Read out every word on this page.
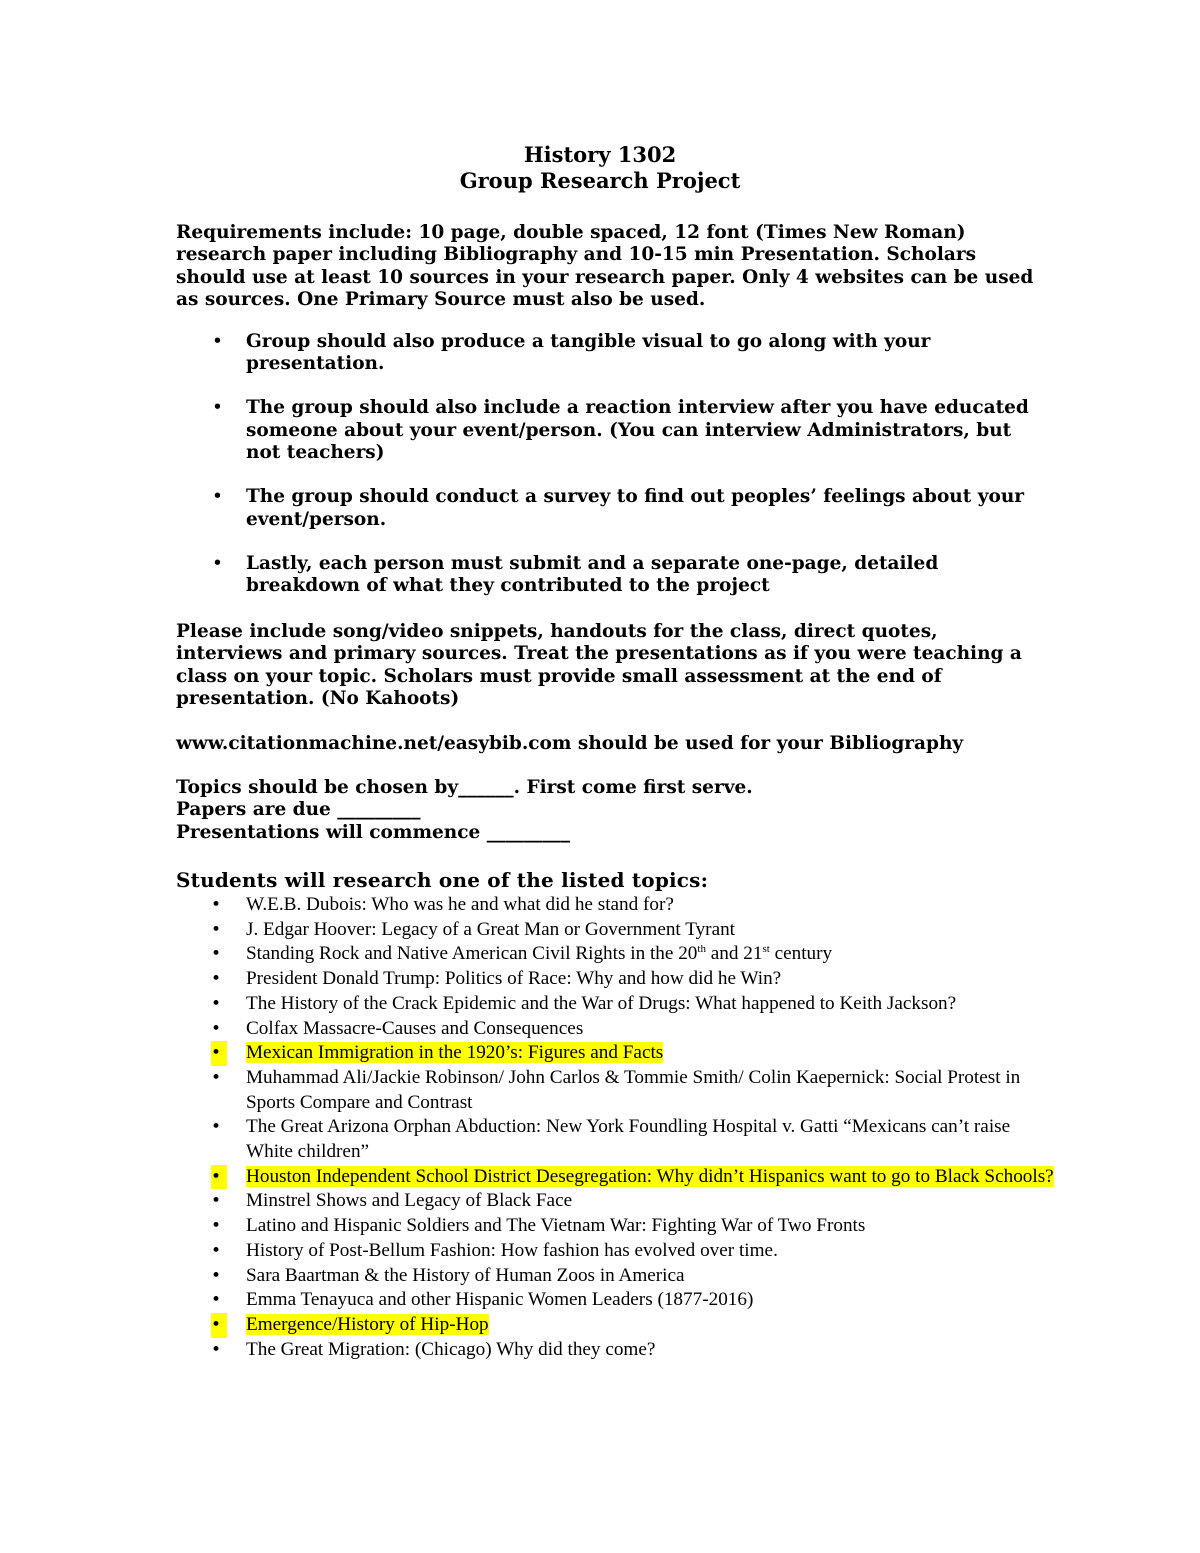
History 1302
Group Research Project

Requirements include: 10 page, double spaced, 12 font (Times New Roman) research paper including Bibliography and 10-15 min Presentation. Scholars should use at least 10 sources in your research paper. Only 4 websites can be used as sources. One Primary Source must also be used.

• Group should also produce a tangible visual to go along with your presentation.
• The group should also include a reaction interview after you have educated someone about your event/person. (You can interview Administrators, but not teachers)
• The group should conduct a survey to find out peoples’ feelings about your event/person.
• Lastly, each person must submit and a separate one-page, detailed breakdown of what they contributed to the project

Please include song/video snippets, handouts for the class, direct quotes, interviews and primary sources. Treat the presentations as if you were teaching a class on your topic. Scholars must provide small assessment at the end of presentation. (No Kahoots)

www.citationmachine.net/easybib.com should be used for your Bibliography

Topics should be chosen by______. First come first serve.
Papers are due _________
Presentations will commence _________
Students will research one of the listed topics:
• W.E.B. Dubois: Who was he and what did he stand for?
• J. Edgar Hoover: Legacy of a Great Man or Government Tyrant
• Standing Rock and Native American Civil Rights in the 20th and 21st century
• President Donald Trump: Politics of Race: Why and how did he Win?
• The History of the Crack Epidemic and the War of Drugs: What happened to Keith Jackson?
• Colfax Massacre-Causes and Consequences
•	Mexican Immigration in the 1920’s: Figures and Facts
• Muhammad Ali/Jackie Robinson/ John Carlos & Tommie Smith/ Colin Kaepernick: Social Protest in Sports Compare and Contrast
• The Great Arizona Orphan Abduction: New York Foundling Hospital v. Gatti “Mexicans can’t raise White children”
•	Houston Independent School District Desegregation: Why didn’t Hispanics want to go to Black Schools?
• Minstrel Shows and Legacy of Black Face
• Latino and Hispanic Soldiers and The Vietnam War: Fighting War of Two Fronts
• History of Post-Bellum Fashion: How fashion has evolved over time.
• Sara Baartman & the History of Human Zoos in America
• Emma Tenayuca and other Hispanic Women Leaders (1877-2016)
•	Emergence/History of Hip-Hop
• The Great Migration: (Chicago) Why did they come?
